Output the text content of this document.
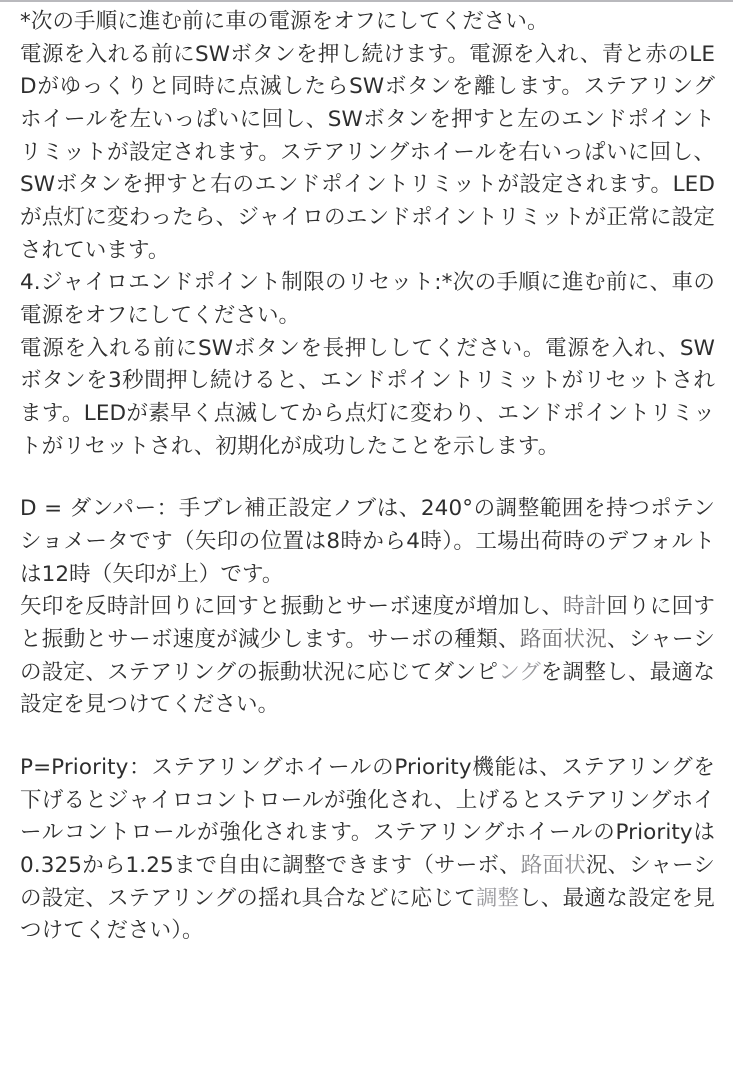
*次の手順に進む前に車の電源をオフにしてください。

電源を入れる前にSWボタンを押し続けます。電源を入れ、青と赤のLEDがゆっくりと同時に点滅したらSWボタンを離します。ステアリングホイールを左いっぱいに回し、SWボタンを押すと左のエンドポイントリミットが設定されます。ステアリングホイールを右いっぱいに回し、SWボタンを押すと右のエンドポイントリミットが設定されます。LEDが点灯に変わったら、ジャイロのエンドポイントリミットが正常に設定されています。

4.ジャイロエンドポイント制限のリセット:*次の手順に進む前に、車の電源をオフにしてください。

電源を入れる前にSWボタンを長押ししてください。電源を入れ、SWボタンを3秒間押し続けると、エンドポイントリミットがリセットされます。LEDが素早く点滅してから点灯に変わり、エンドポイントリミットがリセットされ、初期化が成功したことを示します。

D = ダンパー：手ブレ補正設定ノブは、240°の調整範囲を持つポテンショメータです（矢印の位置は8時から4時）。工場出荷時のデフォルトは12時（矢印が上）です。

矢印を反時計回りに回すと振動とサーボ速度が増加し、時計回りに回すと振動とサーボ速度が減少します。サーボの種類、路面状況、シャーシの設定、ステアリングの振動状況に応じてダンピングを調整し、最適な設定を見つけてください。

P=Priority：ステアリングホイールのPriority機能は、ステアリングを下げるとジャイロコントロールが強化され、上げるとステアリングホイールコントロールが強化されます。ステアリングホイールのPriorityは0.325から1.25まで自由に調整できます（サーボ、路面状況、シャーシの設定、ステアリングの揺れ具合などに応じて調整し、最適な設定を見つけてください）。
